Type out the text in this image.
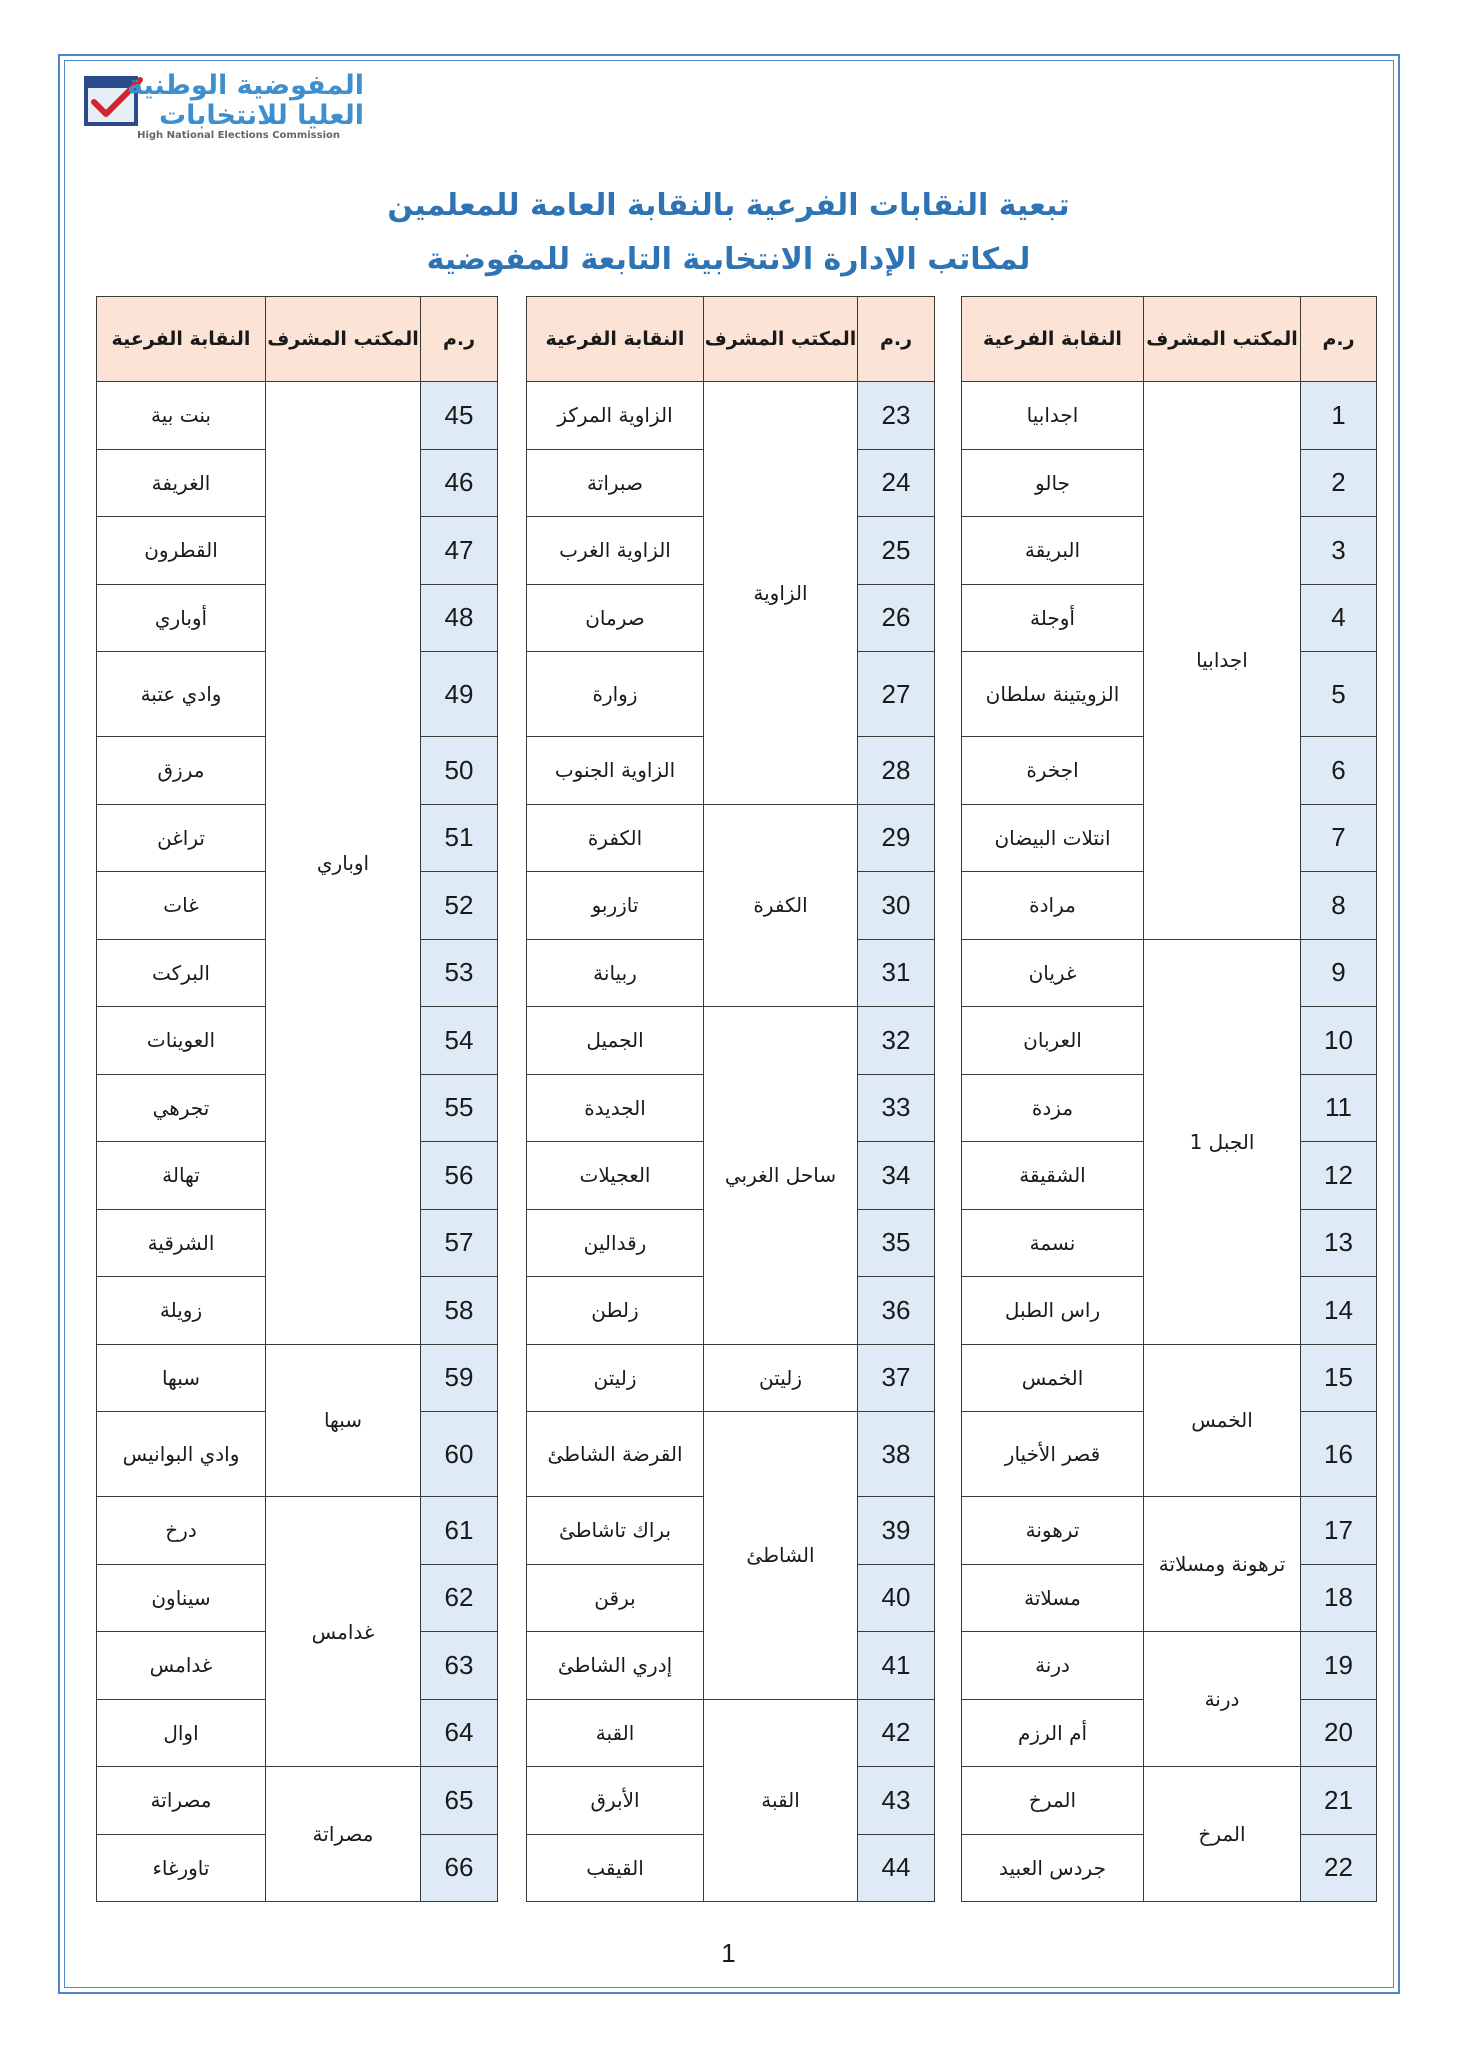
المفوضية الوطنية
العليا للانتخابات
High National Elections Commission
تبعية النقابات الفرعية بالنقابة العامة للمعلمين
لمكاتب الإدارة الانتخابية التابعة للمفوضية
ر.م	المكتب المشرف	النقابة الفرعية
1	اجدابيا	اجدابيا
2		جالو
3		البريقة
4		أوجلة
5		الزويتينة سلطان
6		اجخرة
7		انتلات البيضان
8		مرادة
9	الجبل 1	غريان
10		العربان
11		مزدة
12		الشقيقة
13		نسمة
14		راس الطبل
15	الخمس	الخمس
16		قصر الأخيار
17	ترهونة ومسلاتة	ترهونة
18		مسلاتة
19	درنة	درنة
20		أم الرزم
21	المرخ	المرخ
22		جردس العبيد
ر.م	المكتب المشرف	النقابة الفرعية
23	الزاوية	الزاوية المركز
24		صبراتة
25		الزاوية الغرب
26		صرمان
27		زوارة
28		الزاوية الجنوب
29	الكفرة	الكفرة
30		تازربو
31		ربيانة
32	ساحل الغربي	الجميل
33		الجديدة
34		العجيلات
35		رقدالين
36		زلطن
37	زليتن	زليتن
38	الشاطئ	القرضة الشاطئ
39		براك تاشاطئ
40		برقن
41		إدري الشاطئ
42	القبة	القبة
43		الأبرق
44		القيقب
ر.م	المكتب المشرف	النقابة الفرعية
45	اوباري	بنت بية
46		الغريفة
47		القطرون
48		أوباري
49		وادي عتبة
50		مرزق
51		تراغن
52		غات
53		البركت
54		العوينات
55		تجرهي
56		تهالة
57		الشرقية
58		زويلة
59	سبها	سبها
60		وادي البوانيس
61	غدامس	درخ
62		سيناون
63		غدامس
64		اوال
65	مصراتة	مصراتة
66		تاورغاء
1
